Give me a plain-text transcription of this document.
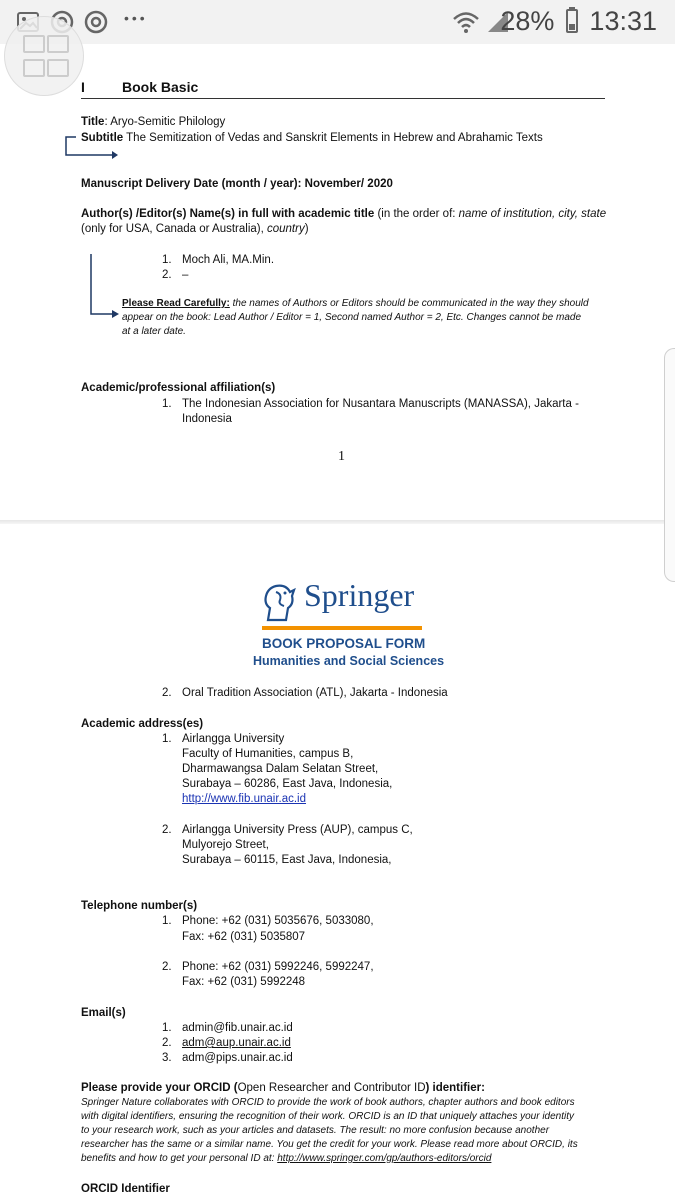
•••	28% 13:31
I	Book Basic
Title: Aryo-Semitic Philology
Subtitle The Semitization of Vedas and Sanskrit Elements in Hebrew and Abrahamic Texts
Manuscript Delivery Date (month / year): November/ 2020
Author(s) /Editor(s) Name(s) in full with academic title (in the order of: name of institution, city, state
(only for USA, Canada or Australia), country)
1. Moch Ali, MA.Min.
2. –
Please Read Carefully: the names of Authors or Editors should be communicated in the way they should
appear on the book: Lead Author / Editor = 1, Second named Author = 2, Etc. Changes cannot be made
at a later date.
Academic/professional affiliation(s)
1. The Indonesian Association for Nusantara Manuscripts (MANASSA), Jakarta -
Indonesia
1
Springer
BOOK PROPOSAL FORM
Humanities and Social Sciences
2. Oral Tradition Association (ATL), Jakarta - Indonesia
Academic address(es)
1. Airlangga University
Faculty of Humanities, campus B,
Dharmawangsa Dalam Selatan Street,
Surabaya – 60286, East Java, Indonesia,
http://www.fib.unair.ac.id
2. Airlangga University Press (AUP), campus C,
Mulyorejo Street,
Surabaya – 60115, East Java, Indonesia,
Telephone number(s)
1. Phone: +62 (031) 5035676, 5033080,
Fax: +62 (031) 5035807
2. Phone: +62 (031) 5992246, 5992247,
Fax: +62 (031) 5992248
Email(s)
1. admin@fib.unair.ac.id
2. adm@aup.unair.ac.id
3. adm@pips.unair.ac.id
Please provide your ORCID (Open Researcher and Contributor ID) identifier:
Springer Nature collaborates with ORCID to provide the work of book authors, chapter authors and book editors
with digital identifiers, ensuring the recognition of their work. ORCID is an ID that uniquely attaches your identity
to your research work, such as your articles and datasets. The result: no more confusion because another
researcher has the same or a similar name. You get the credit for your work. Please read more about ORCID, its
benefits and how to get your personal ID at: http://www.springer.com/gp/authors-editors/orcid
ORCID Identifier
